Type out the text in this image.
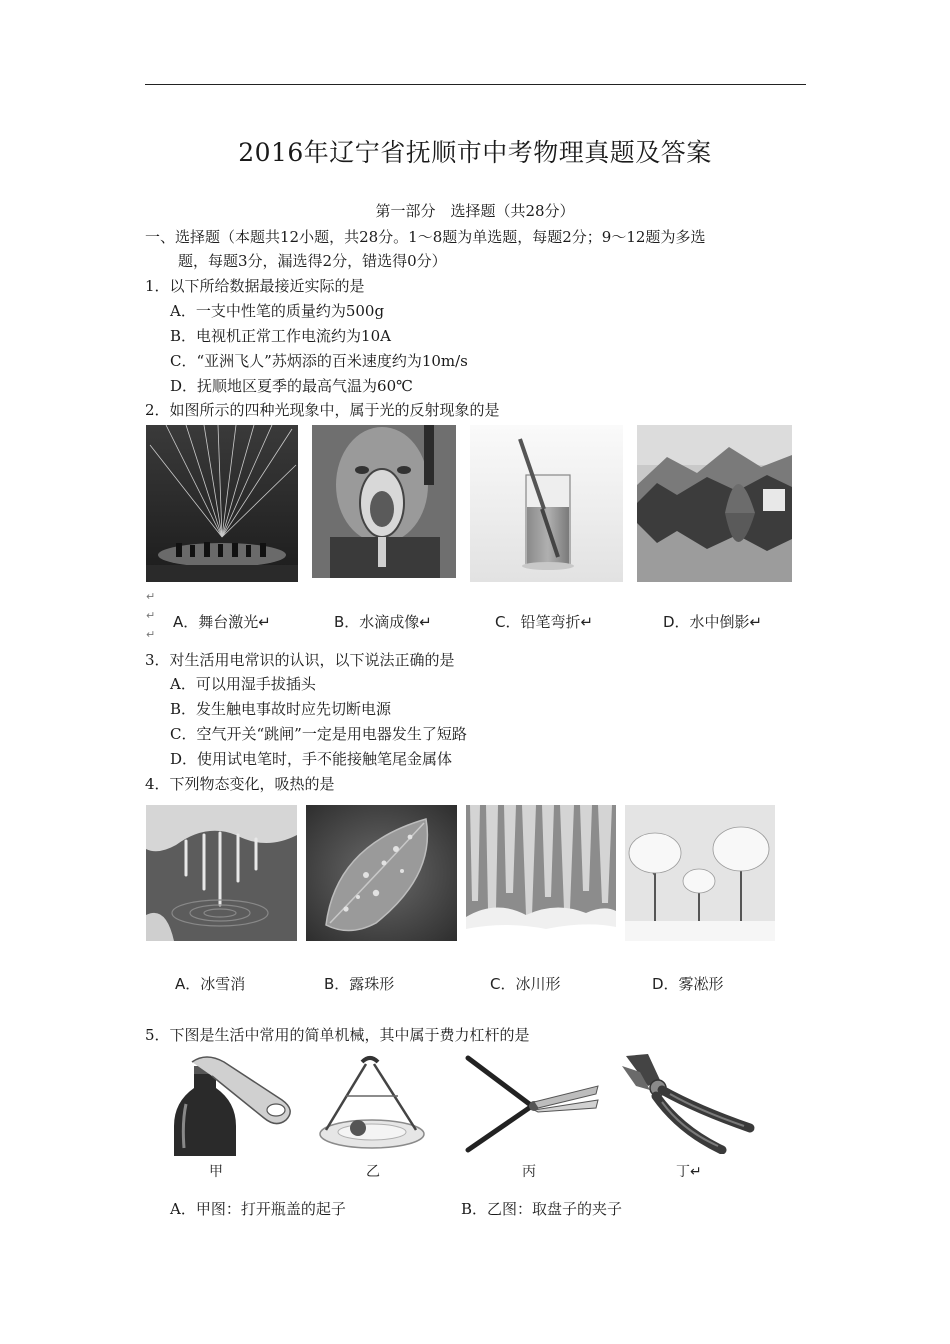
2016年辽宁省抚顺市中考物理真题及答案
第一部分　选择题（共28分）
一、选择题（本题共12小题，共28分。1～8题为单选题，每题2分；9～12题为多选
题，每题3分，漏选得2分，错选得0分）
1．以下所给数据最接近实际的是
A．一支中性笔的质量约为500g
B．电视机正常工作电流约为10A
C．“亚洲飞人”苏炳添的百米速度约为10m/s
D．抚顺地区夏季的最高气温为60℃
2．如图所示的四种光现象中，属于光的反射现象的是
↵
↵
↵
A．舞台激光↵	B．水滴成像↵	C．铅笔弯折↵	D．水中倒影↵
3．对生活用电常识的认识，以下说法正确的是
A．可以用湿手拔插头
B．发生触电事故时应先切断电源
C．空气开关“跳闸”一定是用电器发生了短路
D．使用试电笔时，手不能接触笔尾金属体
4．下列物态变化，吸热的是
A．冰雪消	B．露珠形	C．冰川形	D．雾凇形
5．下图是生活中常用的简单机械，其中属于费力杠杆的是
甲	乙	丙	丁↵
A．甲图：打开瓶盖的起子	B．乙图：取盘子的夹子
